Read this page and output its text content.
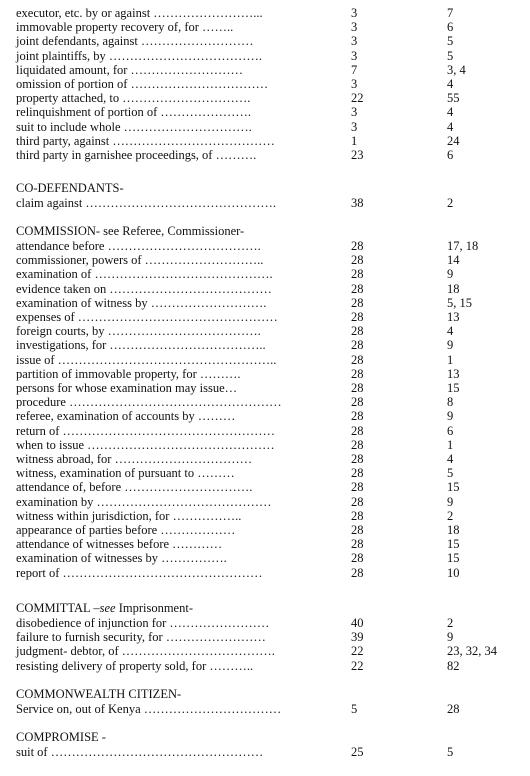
executor, etc. by or against ……………………...	3	7
immovable property recovery of, for ……..	3	6
joint defendants, against ………………………	3	5
joint plaintiffs, by ……………………………….	3	5
liquidated amount, for ………………………	7	3, 4
omission of portion of ……………………………	3	4
property attached, to ………………………….	22	55
relinquishment of portion of ………………….	3	4
suit to include whole ………………………….	3	4
third party, against …………………………………	1	24
third party in garnishee proceedings, of ……….	23	6
CO-DEFENDANTS-
claim against ……………………………………….	38	2
COMMISSION- see Referee, Commissioner-
attendance before ……………………………….	28	17, 18
commissioner, powers of ………………………..	28	14
examination of …………………………………….	28	9
evidence taken on …………………………………	28	18
examination of witness by ……………………….	28	5, 15
expenses of …………………………………………	28	13
foreign courts, by ……………………………….	28	4
investigations, for ………………………………..	28	9
issue of ……………………………………………..	28	1
partition of immovable property, for ……….	28	13
persons for whose examination may issue…	28	15
procedure ……………………………………………	28	8
referee, examination of accounts by ………	28	9
return of ……………………………………………	28	6
when to issue ………………………………………	28	1
witness abroad, for ……………………………	28	4
witness, examination of pursuant to ………	28	5
attendance of, before ………………………….	28	15
examination by ……………………………………	28	9
witness within jurisdiction, for ……………..	28	2
appearance of parties before ………………	28	18
attendance of witnesses before …………	28	15
examination of witnesses by …………….	28	15
report of …………………………………………	28	10
COMMITTAL –see Imprisonment-
disobedience of injunction for ……………………	40	2
failure to furnish security, for ……………………	39	9
judgment- debtor, of ……………………………….	22	23, 32, 34
resisting delivery of property sold, for ………..	22	82
COMMONWEALTH CITIZEN-
Service on, out of Kenya ……………………………	5	28
COMPROMISE -
suit of ……………………………………………	25	5
